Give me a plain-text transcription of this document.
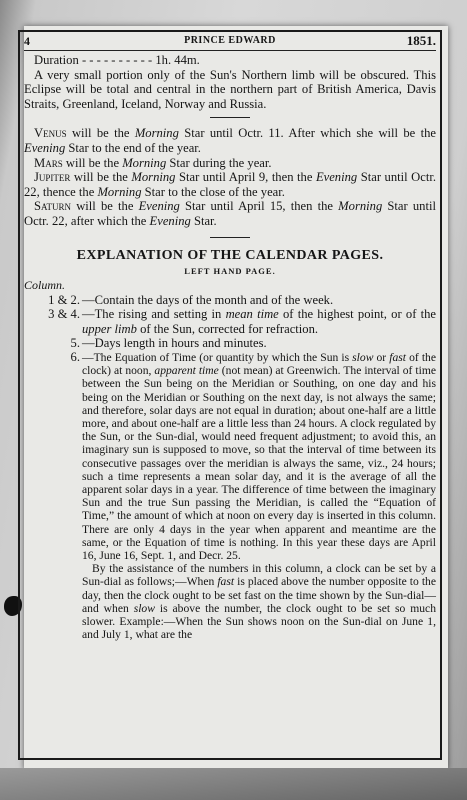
4	PRINCE EDWARD	1851.

Duration - - - - - - - - - - 1h. 44m.

A very small portion only of the Sun's Northern limb will be obscured. This Eclipse will be total and central in the northern part of British America, Davis Straits, Greenland, Iceland, Norway and Russia.

Venus will be the Morning Star until Octr. 11. After which she will be the Evening Star to the end of the year.

Mars will be the Morning Star during the year.

Jupiter will be the Morning Star until April 9, then the Evening Star until Octr. 22, thence the Morning Star to the close of the year.

Saturn will be the Evening Star until April 15, then the Morning Star until Octr. 22, after which the Evening Star.

EXPLANATION OF THE CALENDAR PAGES.
LEFT HAND PAGE.
Column.
1 & 2. —Contain the days of the month and of the week.
3 & 4. —The rising and setting in mean time of the highest point, or of the upper limb of the Sun, corrected for refraction.
5. —Days length in hours and minutes.
6. —The Equation of Time (or quantity by which the Sun is slow or fast of the clock) at noon, apparent time (not mean) at Greenwich. The interval of time between the Sun being on the Meridian or Southing, on one day and his being on the Meridian or Southing on the next day, is not always the same; and therefore, solar days are not equal in duration; about one-half are a little more, and about one-half are a little less than 24 hours. A clock regulated by the Sun, or the Sun-dial, would need frequent adjustment; to avoid this, an imaginary sun is supposed to move, so that the interval of time between its consecutive passages over the meridian is always the same, viz., 24 hours; such a time represents a mean solar day, and it is the average of all the apparent solar days in a year. The difference of time between the imaginary Sun and the true Sun passing the Meridian, is called the “Equation of Time,” the amount of which at noon on every day is inserted in this column. There are only 4 days in the year when apparent and meantime are the same, or the Equation of time is nothing. In this year these days are April 16, June 16, Sept. 1, and Decr. 25.
By the assistance of the numbers in this column, a clock can be set by a Sun-dial as follows;—When fast is placed above the number opposite to the day, then the clock ought to be set fast on the time shown by the Sun-dial—and when slow is above the number, the clock ought to be set so much slower. Example:—When the Sun shows noon on the Sun-dial on June 1, and July 1, what are the
